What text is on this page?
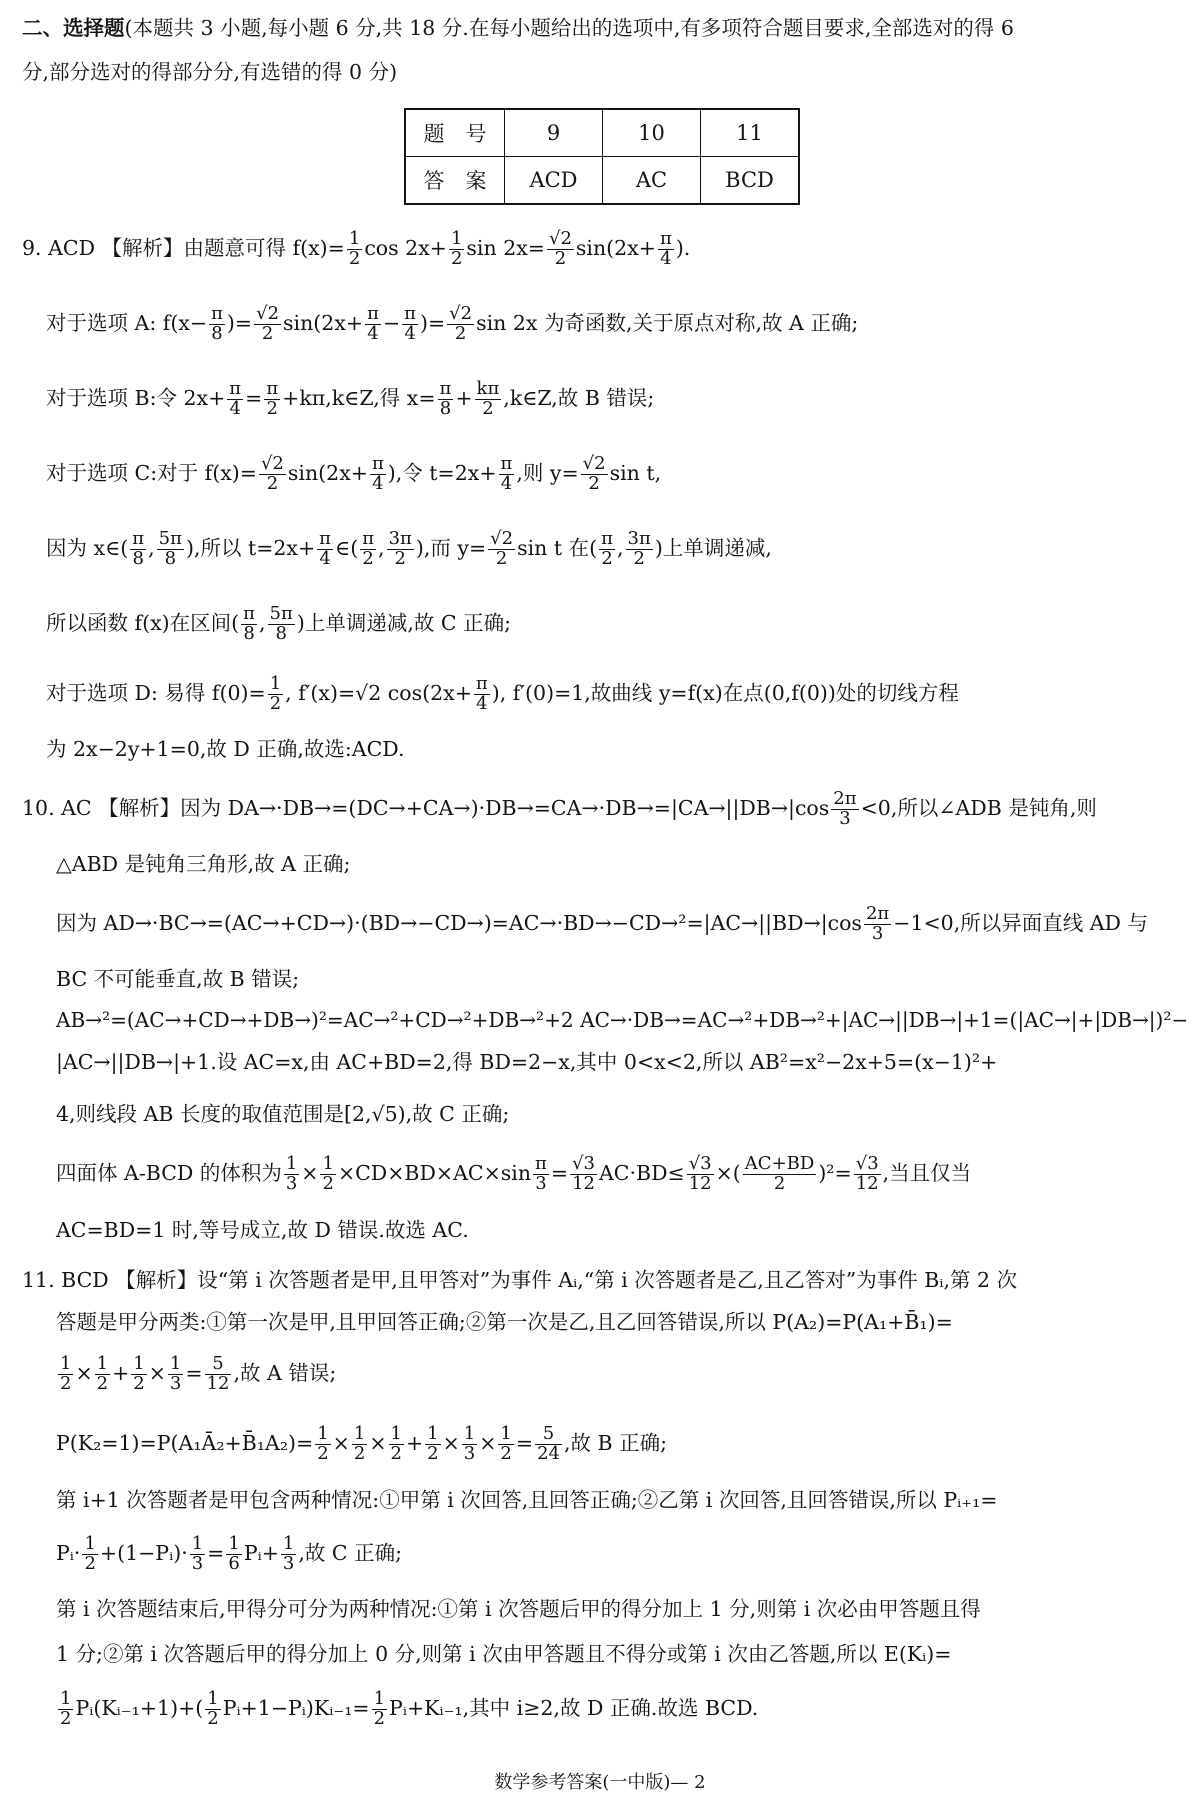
二、选择题(本题共 3 小题,每小题 6 分,共 18 分.在每小题给出的选项中,有多项符合题目要求,全部选对的得 6
分,部分选对的得部分分,有选错的得 0 分)
题　号	9	10	11
答　案	ACD	AC	BCD
9. ACD 【解析】由题意可得 $f(x)= \frac{1}{2}$ $\cos 2x+ \frac{1}{2}$ $\sin 2x= \frac{√2}{2} \sin(2x+ \frac{\pi}{4}$ ).
对于选项 A: $f(x- \frac{\pi}{8}$ )= $\frac{√2}{2} \sin(2x+ \frac{\pi}{4} - \frac{\pi}{4}$ )= $\frac{√2}{2}$ sin 2x 为奇函数,关于原点对称,故 A 正确;
对于选项 B:令 $2x+ \frac{\pi}{4} = \frac{\pi}{2}$ +kπ,k∈Z,得 $x= \frac{\pi}{8} + \frac{k\pi}{2}$ ,k∈Z,故 B 错误;
对于选项 C:对于 $f(x)= \frac{√2}{2} \sin(2x+ \frac{\pi}{4}$ ),令 $t=2x+ \frac{\pi}{4}$ ,则 $y= \frac{√2}{2}$ sin t,
因为 x∈( $\frac{\pi}{8}$ , $\frac{5\pi}{8}$ ),所以 $t=2x+ \frac{\pi}{4}$ ∈( $\frac{\pi}{2}$ , $\frac{3\pi}{2}$ ),而 $y= \frac{√2}{2}$ sin t 在( $\frac{\pi}{2}$ , $\frac{3\pi}{2}$ )上单调递减,
所以函数 f(x)在区间( $\frac{\pi}{8}$ , $\frac{5\pi}{8}$ )上单调递减,故 C 正确;
对于选项 D: 易得 $f(0)= \frac{1}{2}$ , f′(x)=√2 $\cos(2x+ \frac{\pi}{4}$ ), f′(0)=1,故曲线 y=f(x)在点(0,f(0))处的切线方程
为 2x−2y+1=0,故 D 正确,故选:ACD.
10. AC 【解析】因为 $DA\to\cdot DB\to=(DC\to+CA\to)\cdot DB\to=CA\to\cdot DB\to=|CA\to||DB\to|\cos \frac{2\pi}{3} <0$,所以∠ADB 是钝角,则
△ABD 是钝角三角形,故 A 正确;
因为 $AD\to\cdot BC\to=(AC\to+CD\to)\cdot(BD\to-CD\to)=AC\to\cdot BD\to-CD\to^2=|AC\to||BD\to|\cos \frac{2\pi}{3} -1<0$,所以异面直线 AD 与
BC 不可能垂直,故 B 错误;
AB→²=(AC→+CD→+DB→)²=AC→²+CD→²+DB→²+2 AC→·DB→=AC→²+DB→²+|AC→||DB→|+1=(|AC→|+|DB→|)²−
|AC→||DB→|+1.设 AC=x,由 AC+BD=2,得 BD=2−x,其中 0<x<2,所以 AB²=x²−2x+5=(x−1)²+
4,则线段 AB 长度的取值范围是[2,√5),故 C 正确;
四面体 A-BCD 的体积为 $\frac{1}{3} \times \frac{1}{2} \times CD\times BD\times AC\times\sin \frac{\pi}{3} = \frac{√3}{12} AC\cdot BD\le \frac{√3}{12}$ ×( $\frac{AC+BD}{2} )^2= \frac{√3}{12}$ ,当且仅当
AC=BD=1 时,等号成立,故 D 错误.故选 AC.
11. BCD 【解析】设“第 i 次答题者是甲,且甲答对”为事件 Aᵢ,“第 i 次答题者是乙,且乙答对”为事件 Bᵢ,第 2 次
答题是甲分两类:①第一次是甲,且甲回答正确;②第一次是乙,且乙回答错误,所以 P(A₂)=P(A₁+B̄₁)=
$\frac{1}{2} \times \frac{1}{2} + \frac{1}{2} \times \frac{1}{3} = \frac{5}{12}$ ,故 A 错误;
P(K₂=1)=P(A₁Ā₂+B̄₁A₂)= $\frac{1}{2} \times \frac{1}{2} \times \frac{1}{2} + \frac{1}{2} \times \frac{1}{3} \times \frac{1}{2} = \frac{5}{24}$ ,故 B 正确;
第 i+1 次答题者是甲包含两种情况:①甲第 i 次回答,且回答正确;②乙第 i 次回答,且回答错误,所以 Pᵢ₊₁=
Pᵢ· $\frac{1}{2}$ +(1−Pᵢ)· $\frac{1}{3} = \frac{1}{6}$ Pᵢ+ $\frac{1}{3}$ ,故 C 正确;
第 i 次答题结束后,甲得分可分为两种情况:①第 i 次答题后甲的得分加上 1 分,则第 i 次必由甲答题且得
1 分;②第 i 次答题后甲的得分加上 0 分,则第 i 次由甲答题且不得分或第 i 次由乙答题,所以 E(Kᵢ)=
$\frac{1}{2}$ Pᵢ(Kᵢ₋₁+1)+( $\frac{1}{2}$ Pᵢ+1−Pᵢ)Kᵢ₋₁= $\frac{1}{2}$ Pᵢ+Kᵢ₋₁,其中 i≥2,故 D 正确.故选 BCD.
数学参考答案(一中版)— 2
